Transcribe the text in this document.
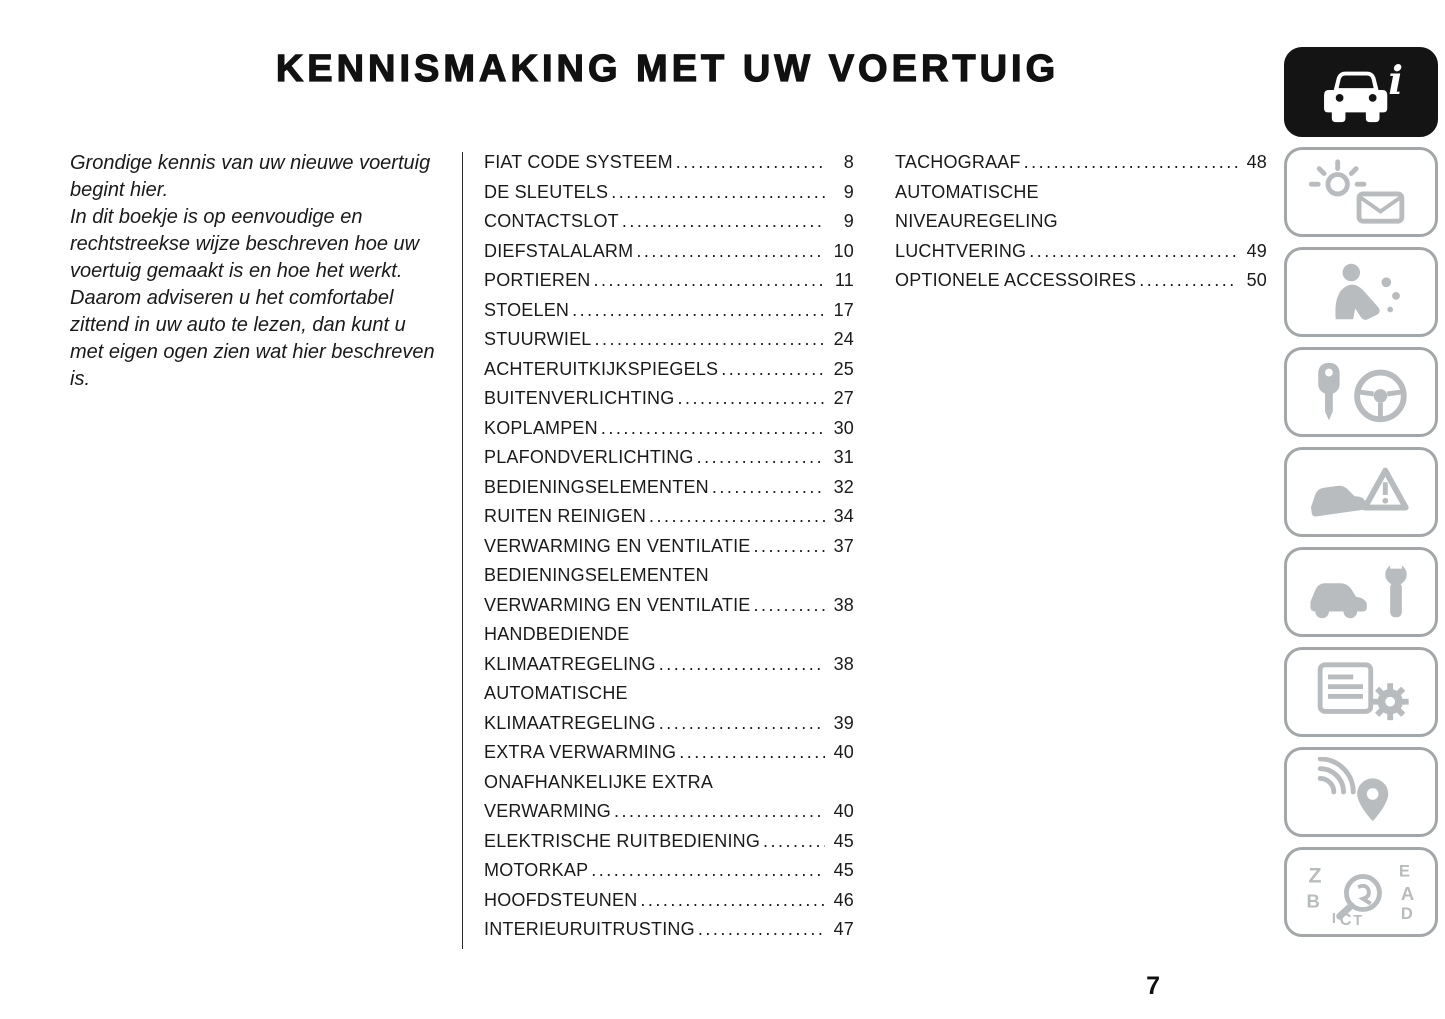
KENNISMAKING MET UW VOERTUIG

Grondige kennis van uw nieuwe voertuig begint hier.

In dit boekje is op eenvoudige en rechtstreekse wijze beschreven hoe uw voertuig gemaakt is en hoe het werkt.

Daarom adviseren u het comfortabel zittend in uw auto te lezen, dan kunt u met eigen ogen zien wat hier beschreven is.

FIAT CODE SYSTEEM .....	8
DE SLEUTELS .....	9
CONTACTSLOT .....	9
DIEFSTALALARM .....	10
PORTIEREN .....	11
STOELEN .....	17
STUURWIEL .....	24
ACHTERUITKIJKSPIEGELS .....	25
BUITENVERLICHTING .....	27
KOPLAMPEN .....	30
PLAFONDVERLICHTING .....	31
BEDIENINGSELEMENTEN .....	32
RUITEN REINIGEN .....	34
VERWARMING EN VENTILATIE .....	37
BEDIENINGSELEMENTEN
VERWARMING EN VENTILATIE .....	38
HANDBEDIENDE
KLIMAATREGELING .....	38
AUTOMATISCHE
KLIMAATREGELING .....	39
EXTRA VERWARMING .....	40
ONAFHANKELIJKE EXTRA
VERWARMING .....	40
ELEKTRISCHE RUITBEDIENING .....	45
MOTORKAP .....	45
HOOFDSTEUNEN .....	46
INTERIEURUITRUSTING .....	47
TACHOGRAAF .....	48
AUTOMATISCHE
NIVEAUREGELING
LUCHTVERING .....	49
OPTIONELE ACCESSOIRES .....	50
i
Z	E
A
B
I C T D
7
